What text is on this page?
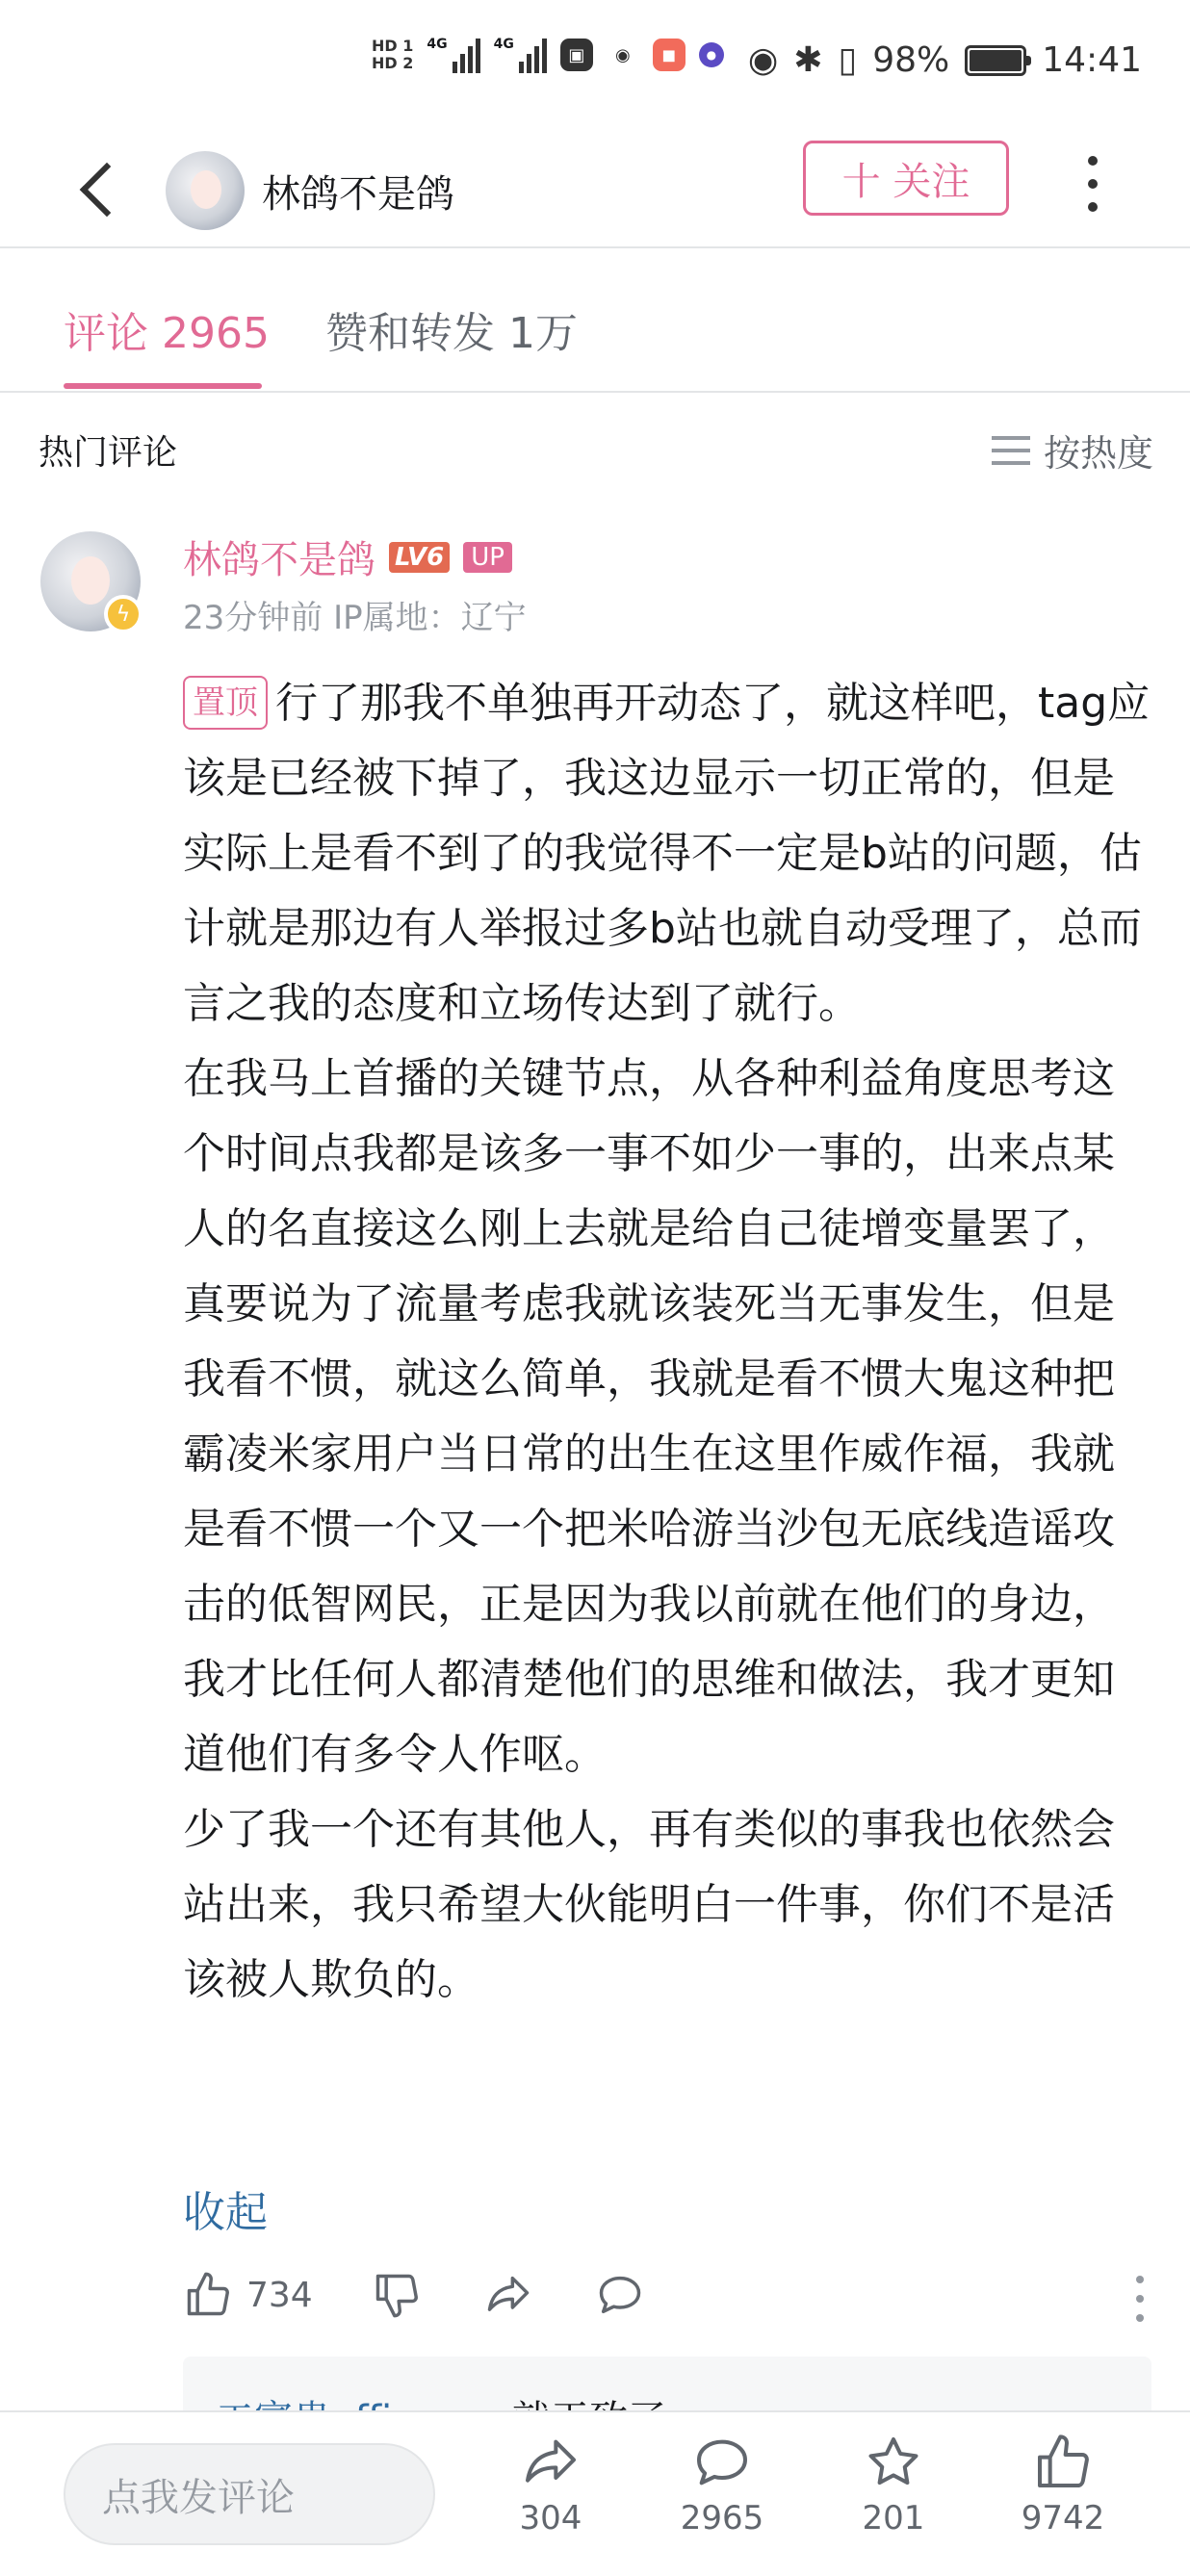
HD 1
HD 2
4G	4G
▣	◉	◼	● ◉ ✱ ▯ 98%	14:41
林鸽不是鸽	十 关注
评论 2965 赞和转发 1万
热门评论	按热度
ϟ
林鸽不是鸽 LV6	UP
23分钟前 IP属地：辽宁
置顶 行了那我不单独再开动态了，就这样吧，tag应该是已经被下掉了，我这边显示一切正常的，但是实际上是看不到了的我觉得不一定是b站的问题，估计就是那边有人举报过多b站也就自动受理了，总而言之我的态度和立场传达到了就行。
在我马上首播的关键节点，从各种利益角度思考这个时间点我都是该多一事不如少一事的，出来点某人的名直接这么刚上去就是给自己徒增变量罢了，真要说为了流量考虑我就该装死当无事发生，但是我看不惯，就这么简单，我就是看不惯大鬼这种把霸凌米家用户当日常的出生在这里作威作福，我就是看不惯一个又一个把米哈游当沙包无底线造谣攻击的低智网民，正是因为我以前就在他们的身边，我才比任何人都清楚他们的思维和做法，我才更知道他们有多令人作呕。
少了我一个还有其他人，再有类似的事我也依然会站出来，我只希望大伙能明白一件事，你们不是活该被人欺负的。
收起
734
点我发评论	304	2965	201	9742
